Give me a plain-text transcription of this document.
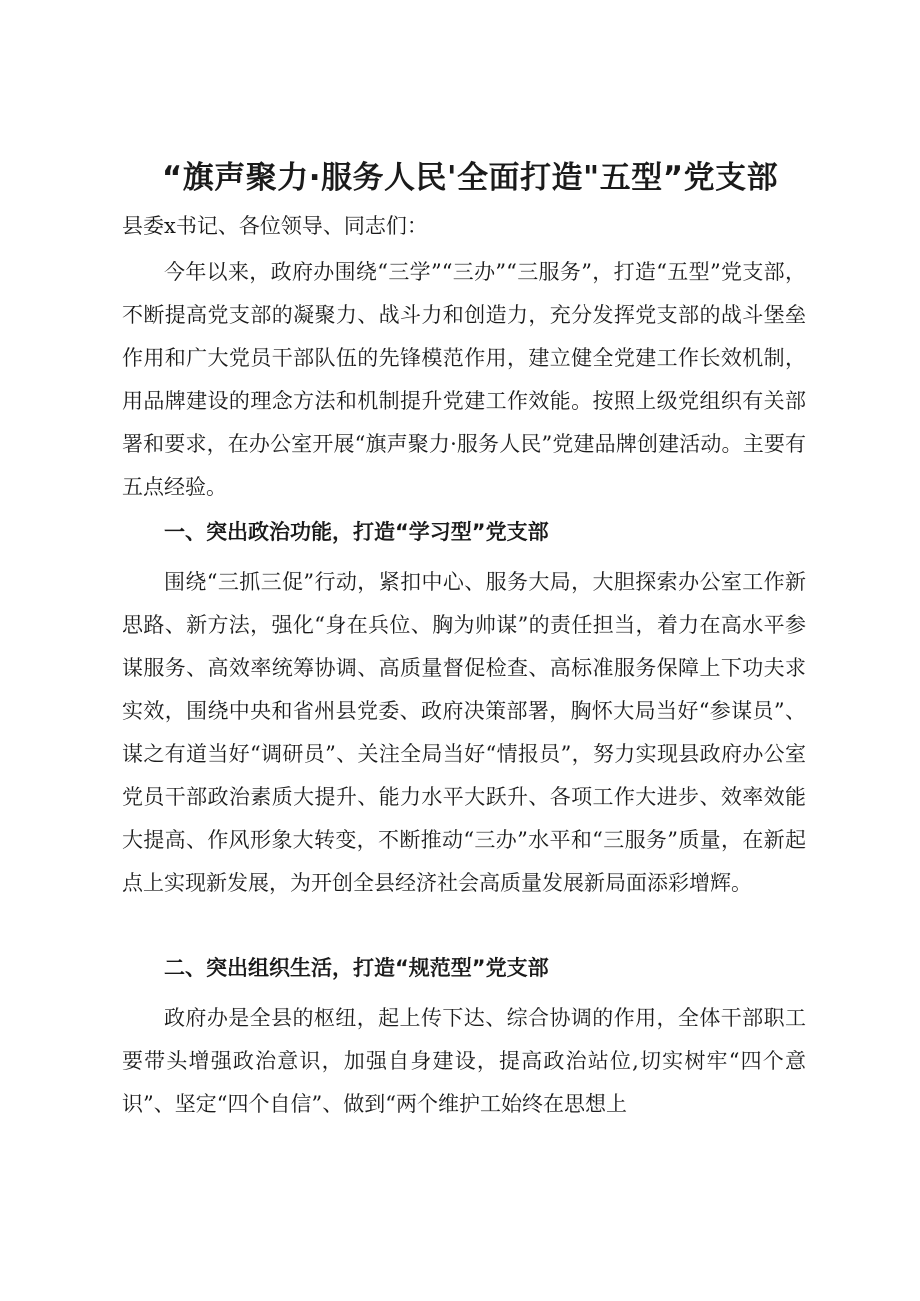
“旗声聚力·服务人民'全面打造"五型”党支部
县委x书记、各位领导、同志们：

今年以来，政府办围绕“三学”“三办”“三服务”，打造“五型”党支部，不断提高党支部的凝聚力、战斗力和创造力，充分发挥党支部的战斗堡垒作用和广大党员干部队伍的先锋模范作用，建立健全党建工作长效机制，用品牌建设的理念方法和机制提升党建工作效能。按照上级党组织有关部署和要求，在办公室开展“旗声聚力·服务人民”党建品牌创建活动。主要有五点经验。

一、突出政治功能，打造“学习型”党支部

围绕“三抓三促”行动，紧扣中心、服务大局，大胆探索办公室工作新思路、新方法，强化“身在兵位、胸为帅谋”的责任担当，着力在高水平参谋服务、高效率统筹协调、高质量督促检查、高标准服务保障上下功夫求实效，围绕中央和省州县党委、政府决策部署，胸怀大局当好“参谋员”、谋之有道当好“调研员”、关注全局当好“情报员”，努力实现县政府办公室党员干部政治素质大提升、能力水平大跃升、各项工作大进步、效率效能大提高、作风形象大转变，不断推动“三办”水平和“三服务”质量，在新起点上实现新发展，为开创全县经济社会高质量发展新局面添彩增辉。

二、突出组织生活，打造“规范型”党支部

政府办是全县的枢纽，起上传下达、综合协调的作用，全体干部职工要带头增强政治意识，加强自身建设，提高政治站位,切实树牢“四个意识”、坚定“四个自信”、做到“两个维护工始终在思想上
